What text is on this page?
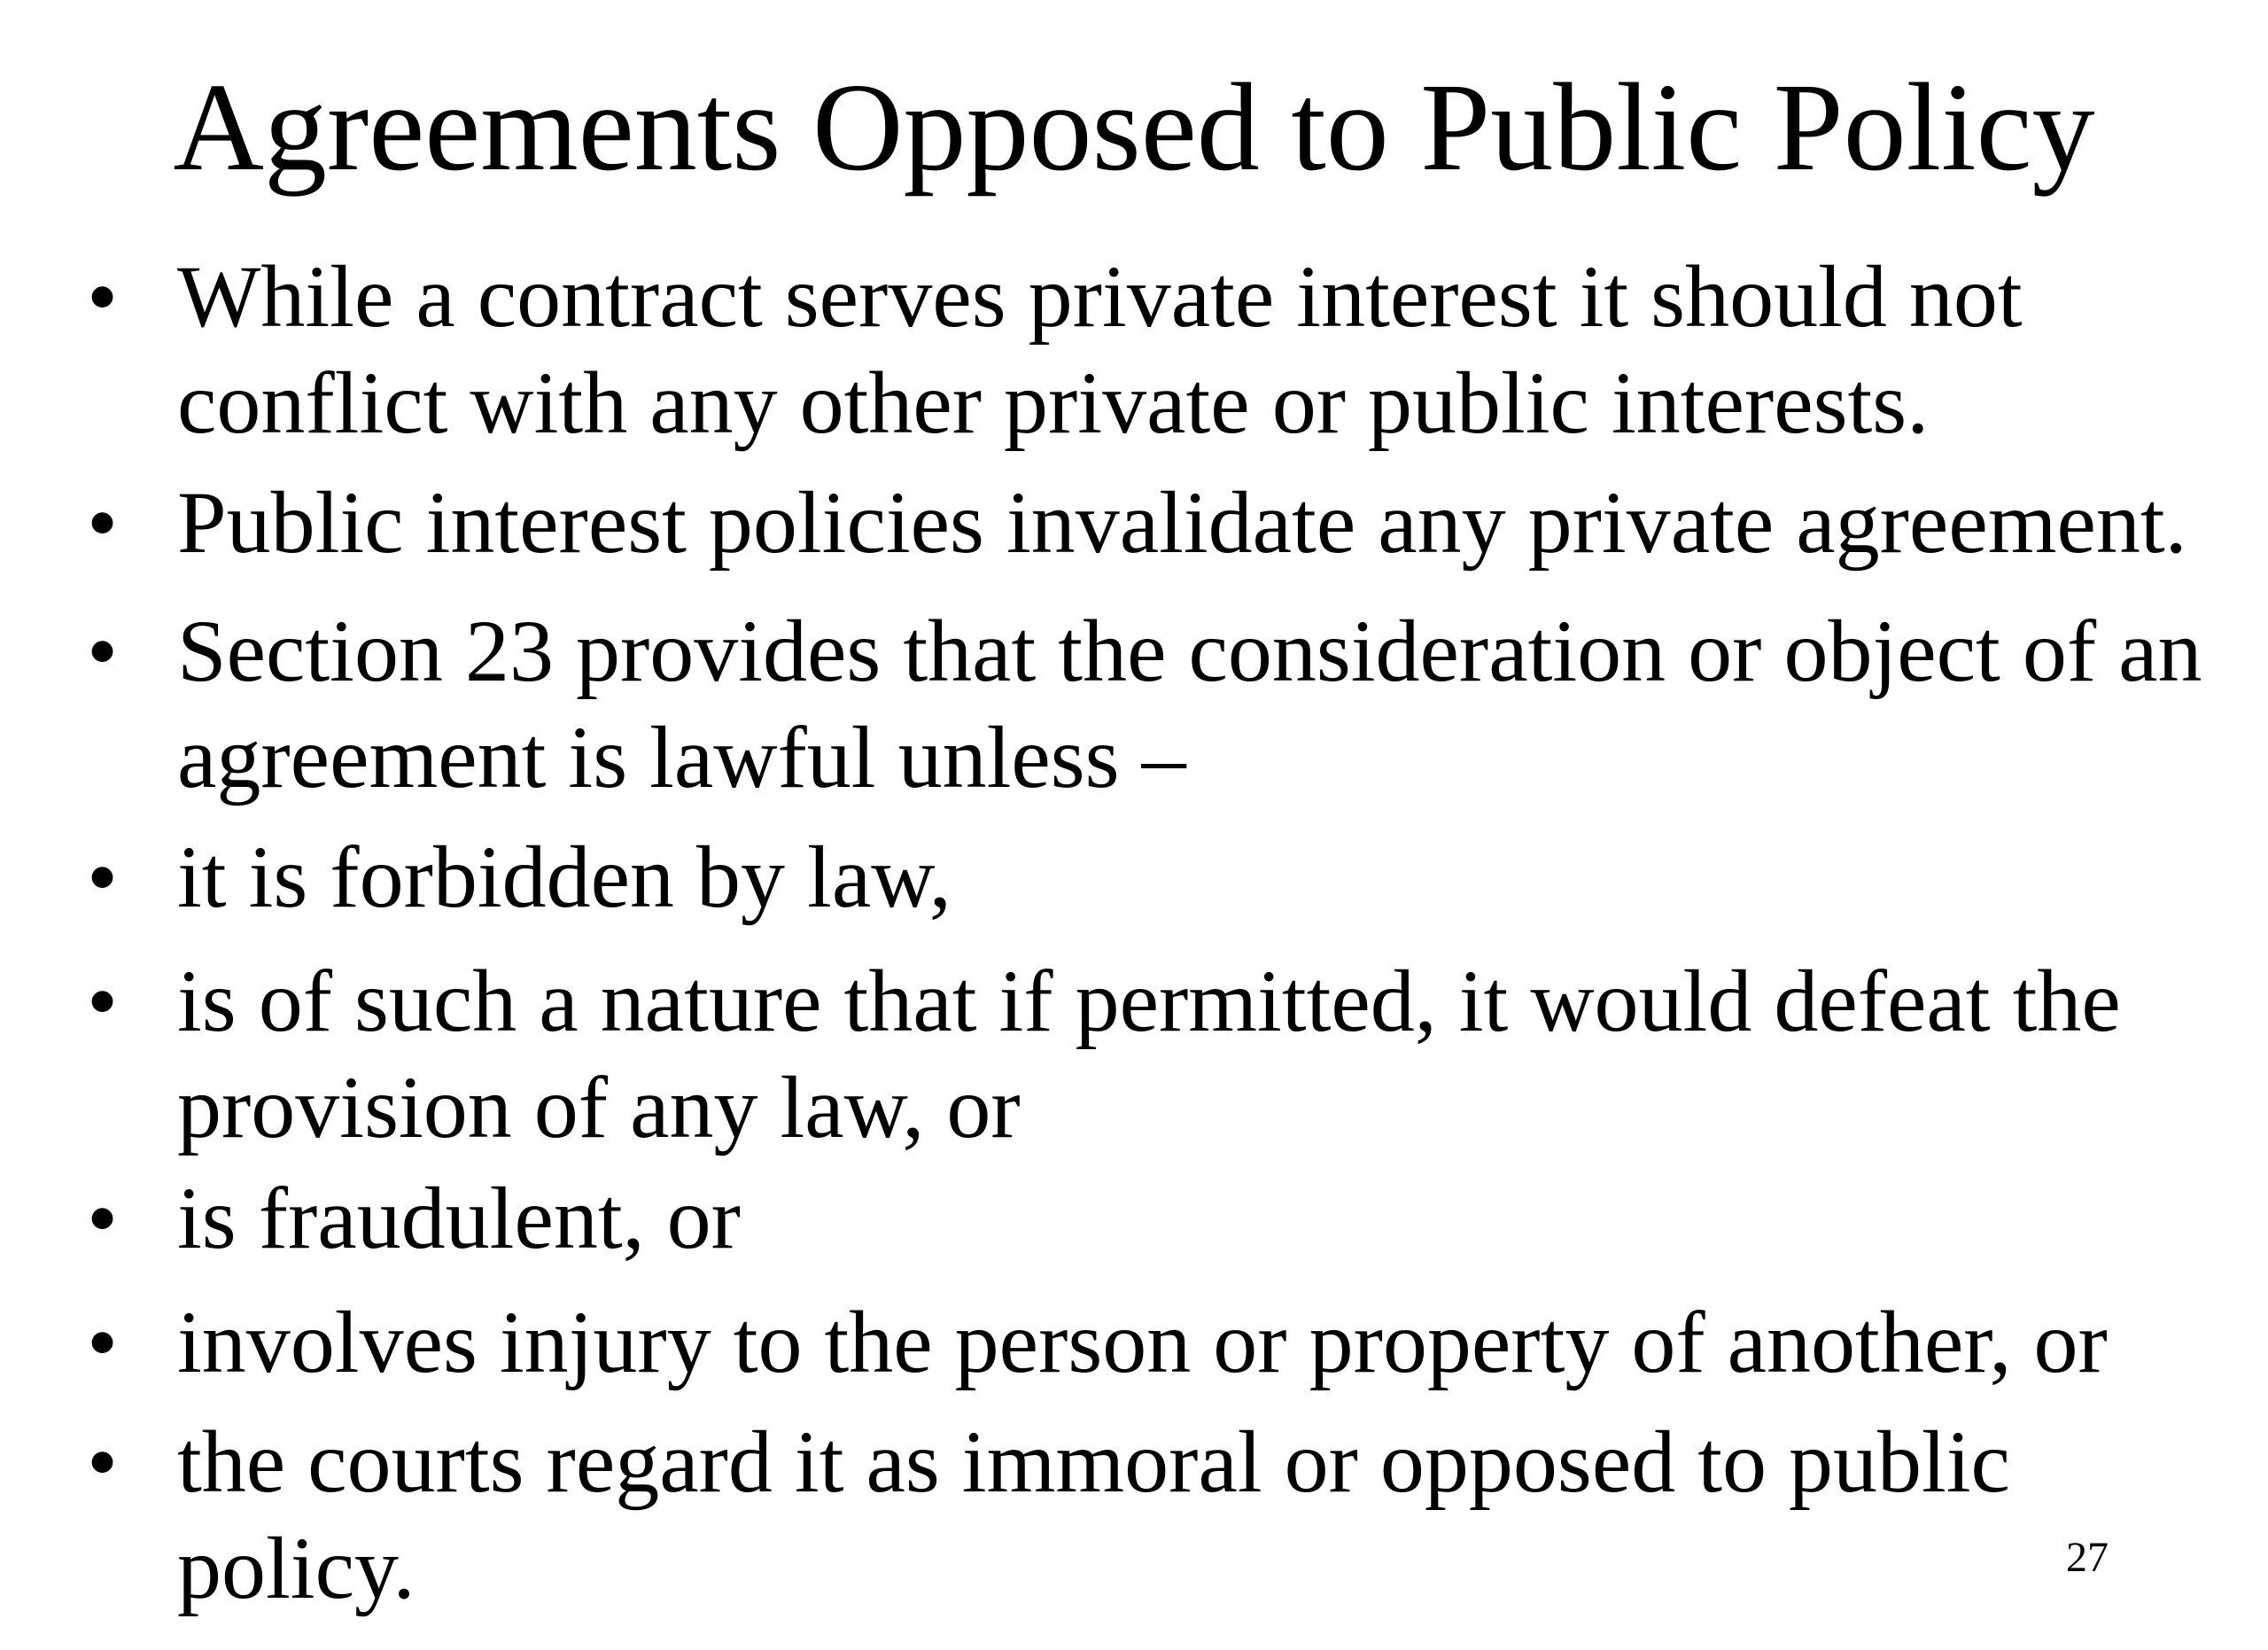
Agreements Opposed to Public Policy
• While a contract serves private interest it should not
conflict with any other private or public interests.
• Public interest policies invalidate any private agreement.
• Section 23 provides that the consideration or object of an
agreement is lawful unless –
• it is forbidden by law,
• is of such a nature that if permitted, it would defeat the
provision of any law, or
• is fraudulent, or
• involves injury to the person or property of another, or
• the courts regard it as immoral or opposed to public policy.	27
